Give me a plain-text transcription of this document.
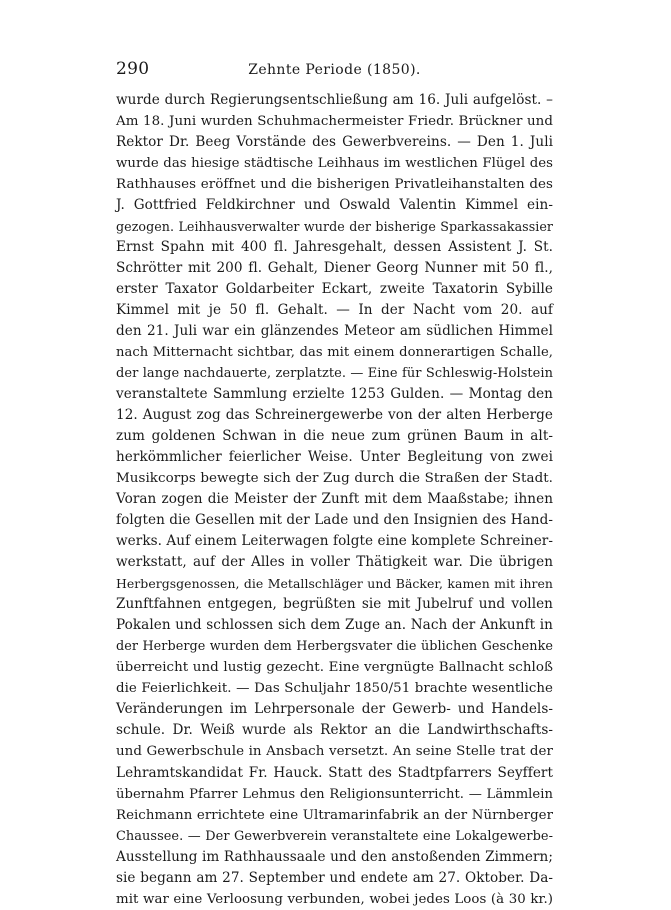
290	Zehnte Periode (1850).
wurde durch Regierungsentschließung am 16. Juli aufgelöst. –
Am 18. Juni wurden Schuhmachermeister Friedr. Brückner und
Rektor Dr. Beeg Vorstände des Gewerbvereins. — Den 1. Juli
wurde das hiesige städtische Leihhaus im westlichen Flügel des
Rathhauses eröffnet und die bisherigen Privatleihanstalten des
J. Gottfried Feldkirchner und Oswald Valentin Kimmel ein-
gezogen. Leihhausverwalter wurde der bisherige Sparkassakassier
Ernst Spahn mit 400 fl. Jahresgehalt, dessen Assistent J. St.
Schrötter mit 200 fl. Gehalt, Diener Georg Nunner mit 50 fl.,
erster Taxator Goldarbeiter Eckart, zweite Taxatorin Sybille
Kimmel mit je 50 fl. Gehalt. — In der Nacht vom 20. auf
den 21. Juli war ein glänzendes Meteor am südlichen Himmel
nach Mitternacht sichtbar, das mit einem donnerartigen Schalle,
der lange nachdauerte, zerplatzte. — Eine für Schleswig-Holstein
veranstaltete Sammlung erzielte 1253 Gulden. — Montag den
12. August zog das Schreinergewerbe von der alten Herberge
zum goldenen Schwan in die neue zum grünen Baum in alt-
herkömmlicher feierlicher Weise. Unter Begleitung von zwei
Musikcorps bewegte sich der Zug durch die Straßen der Stadt.
Voran zogen die Meister der Zunft mit dem Maaßstabe; ihnen
folgten die Gesellen mit der Lade und den Insignien des Hand-
werks. Auf einem Leiterwagen folgte eine komplete Schreiner-
werkstatt, auf der Alles in voller Thätigkeit war. Die übrigen
Herbergsgenossen, die Metallschläger und Bäcker, kamen mit ihren
Zunftfahnen entgegen, begrüßten sie mit Jubelruf und vollen
Pokalen und schlossen sich dem Zuge an. Nach der Ankunft in
der Herberge wurden dem Herbergsvater die üblichen Geschenke
überreicht und lustig gezecht. Eine vergnügte Ballnacht schloß
die Feierlichkeit. — Das Schuljahr 1850/51 brachte wesentliche
Veränderungen im Lehrpersonale der Gewerb- und Handels-
schule. Dr. Weiß wurde als Rektor an die Landwirthschafts-
und Gewerbschule in Ansbach versetzt. An seine Stelle trat der
Lehramtskandidat Fr. Hauck. Statt des Stadtpfarrers Seyffert
übernahm Pfarrer Lehmus den Religionsunterricht. — Lämmlein
Reichmann errichtete eine Ultramarinfabrik an der Nürnberger
Chaussee. — Der Gewerbverein veranstaltete eine Lokalgewerbe-
Ausstellung im Rathhaussaale und den anstoßenden Zimmern;
sie begann am 27. September und endete am 27. Oktober. Da-
mit war eine Verloosung verbunden, wobei jedes Loos (à 30 kr.)
